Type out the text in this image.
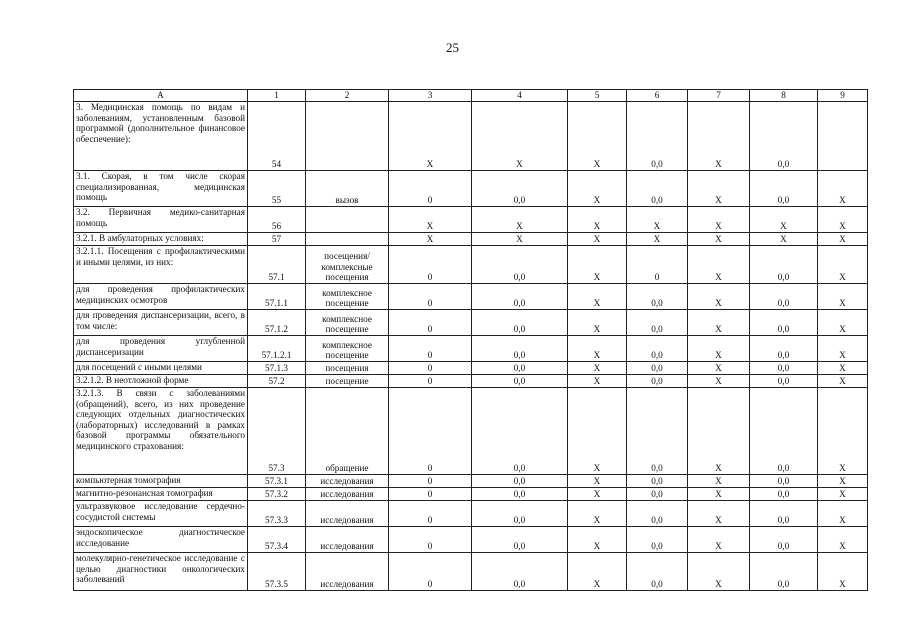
25
А	1	2	3	4	5	6	7	8	9
3. Медицинская помощь по видам и заболеваниям, установленным базовой программой (дополнительное финансовое обеспечение):	54		Х	Х	Х	0,0	Х	0,0	
3.1. Скорая, в том числе скорая специализированная, медицинская помощь	55	вызов	0	0,0	Х	0,0	Х	0,0	Х
3.2. Первичная медико-санитарная помощь	56		Х	Х	Х	Х	Х	Х	Х
3.2.1. В амбулаторных условиях:	57		Х	Х	Х	Х	Х	Х	Х
3.2.1.1. Посещения с профилактическими и иными целями, из них:	57.1	посещения/ комплексные посещения	0	0,0	Х	0	Х	0,0	Х
для проведения профилактических медицинских осмотров	57.1.1	комплексное посещение	0	0,0	Х	0,0	Х	0,0	Х
для проведения диспансеризации, всего, в том числе:	57.1.2	комплексное посещение	0	0,0	Х	0,0	Х	0,0	Х
для проведения углубленной диспансеризации	57.1.2.1	комплексное посещение	0	0,0	Х	0,0	Х	0,0	Х
для посещений с иными целями	57.1.3	посещения	0	0,0	Х	0,0	Х	0,0	Х
3.2.1.2. В неотложной форме	57.2	посещение	0	0,0	Х	0,0	Х	0,0	Х
3.2.1.3. В связи с заболеваниями (обращений), всего, из них проведение следующих отдельных диагностических (лабораторных) исследований в рамках базовой программы обязательного медицинского страхования:	57.3	обращение	0	0,0	Х	0,0	Х	0,0	Х
компьютерная томография	57.3.1	исследования	0	0,0	Х	0,0	Х	0,0	Х
магнитно-резонансная томография	57.3.2	исследования	0	0,0	Х	0,0	Х	0,0	Х
ультразвуковое исследование сердечно-сосудистой системы	57.3.3	исследования	0	0,0	Х	0,0	Х	0,0	Х
эндоскопическое диагностическое исследование	57.3.4	исследования	0	0,0	Х	0,0	Х	0,0	Х
молекулярно-генетическое исследование с целью диагностики онкологических заболеваний	57.3.5	исследования	0	0,0	Х	0,0	Х	0,0	Х
